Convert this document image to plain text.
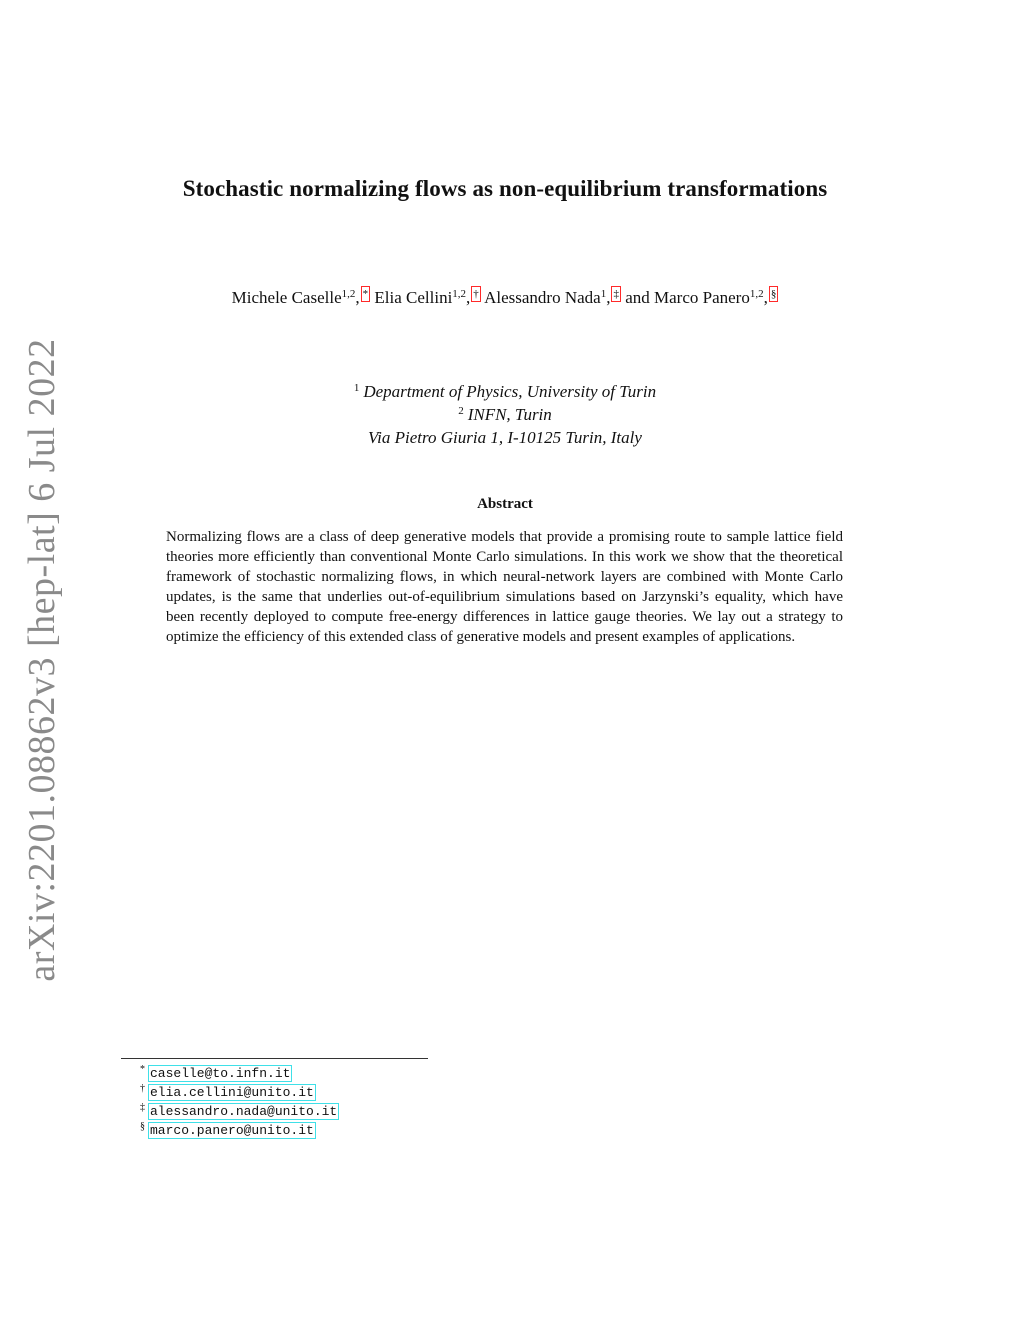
arXiv:2201.08862v3 [hep-lat] 6 Jul 2022
Stochastic normalizing flows as non-equilibrium transformations
Michele Caselle$^{1,2}$, * Elia Cellini$^{1,2}$, † Alessandro Nada$^1$, ‡ and Marco Panero$^{1,2}$, §
$^1$ Department of Physics, University of Turin
$^2$ INFN, Turin
Via Pietro Giuria 1, I-10125 Turin, Italy
Abstract
Normalizing flows are a class of deep generative models that provide a promising route to sample lattice field theories more efficiently than conventional Monte Carlo simulations. In this work we show that the theoretical framework of stochastic normalizing flows, in which neural-network layers are combined with Monte Carlo updates, is the same that underlies out-of-equilibrium simulations based on Jarzynski’s equality, which have been recently deployed to compute free-energy differences in lattice gauge theories. We lay out a strategy to optimize the efficiency of this extended class of generative models and present examples of applications.
* caselle@to.infn.it
† elia.cellini@unito.it
‡ alessandro.nada@unito.it
§ marco.panero@unito.it
